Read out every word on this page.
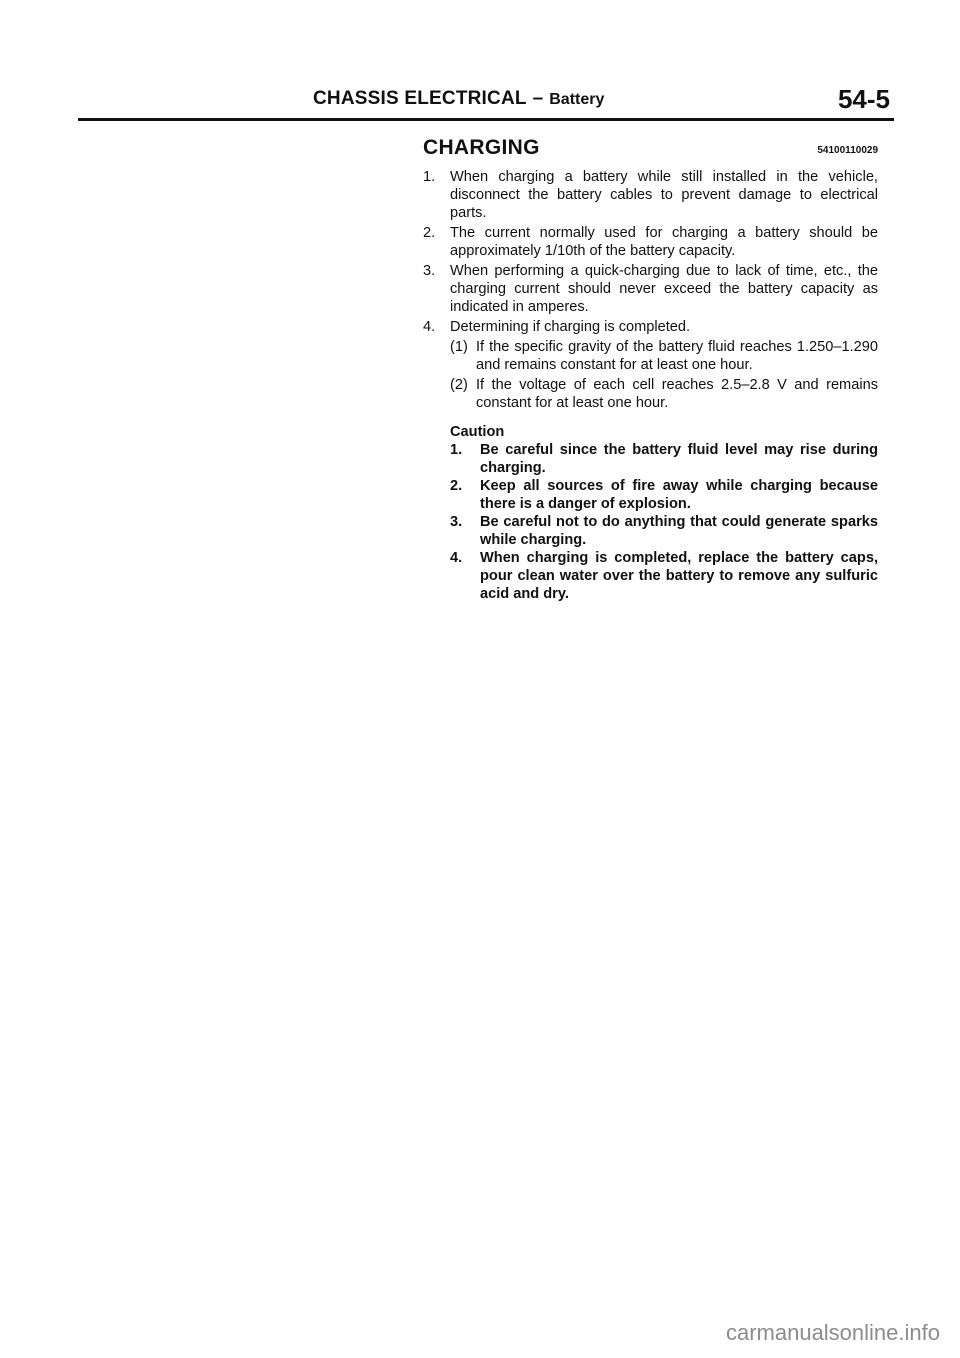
CHASSIS ELECTRICAL – Battery	54-5
CHARGING	54100110029
1.	When charging a battery while still installed in the vehicle, disconnect the battery cables to prevent damage to electrical parts.
2.	The current normally used for charging a battery should be approximately 1/10th of the battery capacity.
3.	When performing a quick-charging due to lack of time, etc., the charging current should never exceed the battery capacity as indicated in amperes.
4.	Determining if charging is completed.
(1) If the specific gravity of the battery fluid reaches 1.250–1.290 and remains constant for at least one hour.
(2) If the voltage of each cell reaches 2.5–2.8 V and remains constant for at least one hour.
Caution
1.	Be careful since the battery fluid level may rise during charging.
2.	Keep all sources of fire away while charging because there is a danger of explosion.
3.	Be careful not to do anything that could generate sparks while charging.
4.	When charging is completed, replace the battery caps, pour clean water over the battery to remove any sulfuric acid and dry.
carmanualsonline.info
